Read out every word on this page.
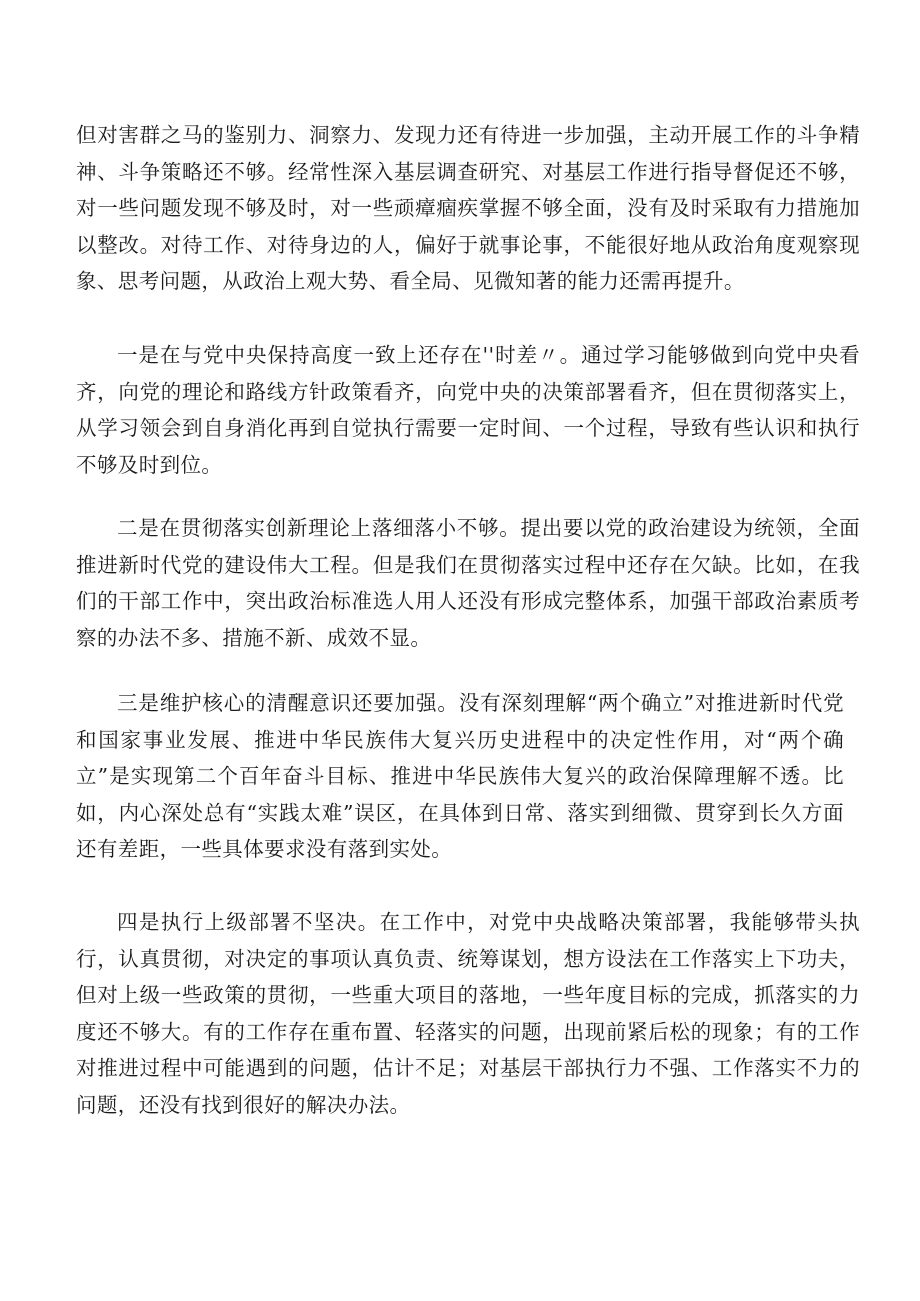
但对害群之马的鉴别力、洞察力、发现力还有待进一步加强，主动开展工作的斗争精神、斗争策略还不够。经常性深入基层调查研究、对基层工作进行指导督促还不够，对一些问题发现不够及时，对一些顽瘴痼疾掌握不够全面，没有及时采取有力措施加以整改。对待工作、对待身边的人，偏好于就事论事，不能很好地从政治角度观察现象、思考问题，从政治上观大势、看全局、见微知著的能力还需再提升。

一是在与党中央保持高度一致上还存在''时差〃。通过学习能够做到向党中央看齐，向党的理论和路线方针政策看齐，向党中央的决策部署看齐，但在贯彻落实上，从学习领会到自身消化再到自觉执行需要一定时间、一个过程，导致有些认识和执行不够及时到位。

二是在贯彻落实创新理论上落细落小不够。提出要以党的政治建设为统领，全面推进新时代党的建设伟大工程。但是我们在贯彻落实过程中还存在欠缺。比如，在我们的干部工作中，突出政治标准选人用人还没有形成完整体系，加强干部政治素质考察的办法不多、措施不新、成效不显。

三是维护核心的清醒意识还要加强。没有深刻理解“两个确立”对推进新时代党和国家事业发展、推进中华民族伟大复兴历史进程中的决定性作用，对“两个确立”是实现第二个百年奋斗目标、推进中华民族伟大复兴的政治保障理解不透。比如，内心深处总有“实践太难”误区，在具体到日常、落实到细微、贯穿到长久方面还有差距，一些具体要求没有落到实处。

四是执行上级部署不坚决。在工作中，对党中央战略决策部署，我能够带头执行，认真贯彻，对决定的事项认真负责、统筹谋划，想方设法在工作落实上下功夫，但对上级一些政策的贯彻，一些重大项目的落地，一些年度目标的完成，抓落实的力度还不够大。有的工作存在重布置、轻落实的问题，出现前紧后松的现象；有的工作对推进过程中可能遇到的问题，估计不足；对基层干部执行力不强、工作落实不力的问题，还没有找到很好的解决办法。
